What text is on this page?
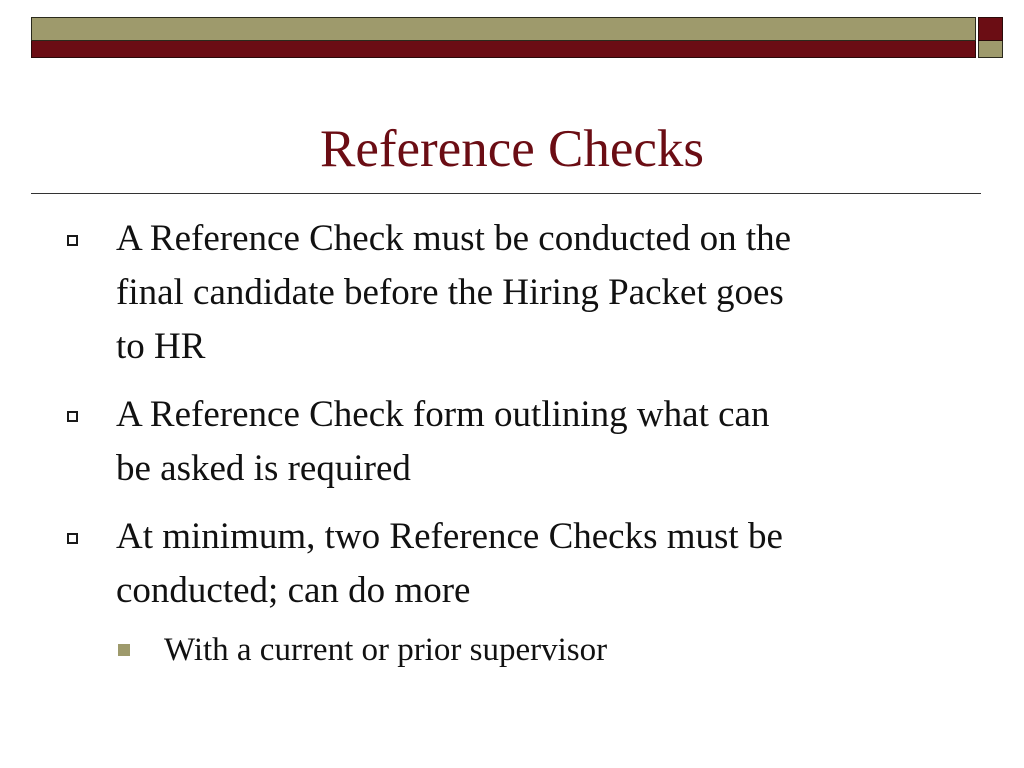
Reference Checks
A Reference Check must be conducted on the
final candidate before the Hiring Packet goes
to HR
A Reference Check form outlining what can
be asked is required
At minimum, two Reference Checks must be
conducted; can do more
With a current or prior supervisor
